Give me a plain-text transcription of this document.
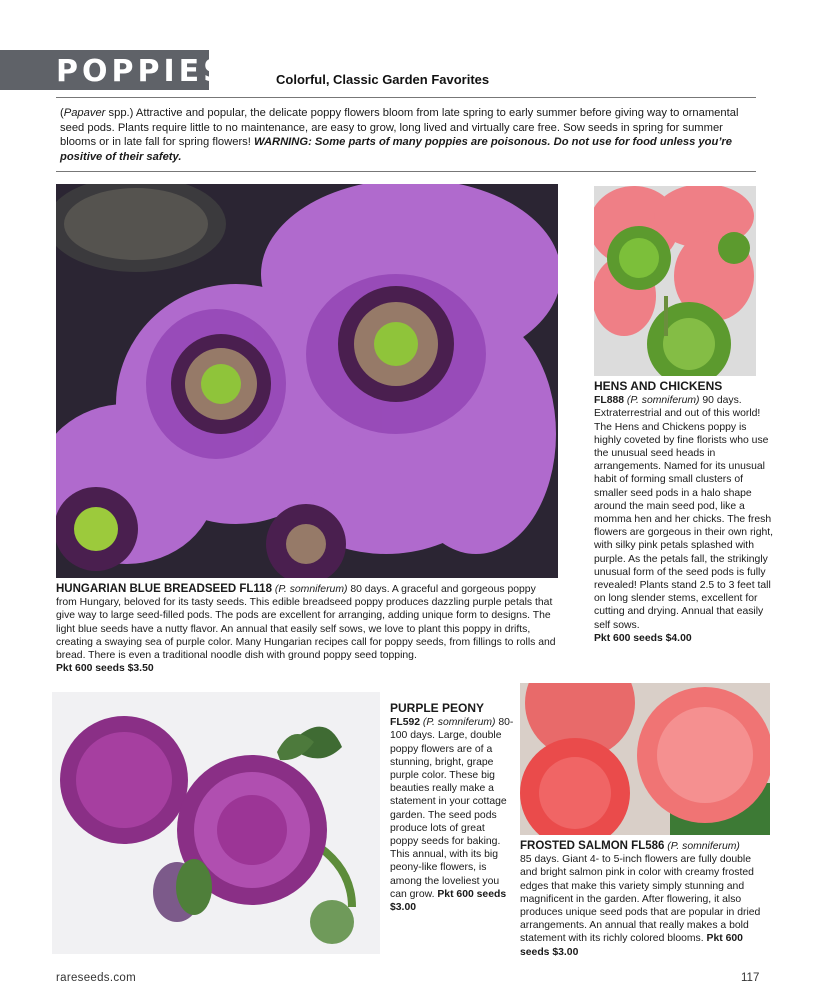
POPPIES	Colorful, Classic Garden Favorites
(Papaver spp.) Attractive and popular, the delicate poppy flowers bloom from late spring to early summer before giving way to ornamental seed pods. Plants require little to no maintenance, are easy to grow, long lived and virtually care free. Sow seeds in spring for summer blooms or in late fall for spring flowers! WARNING: Some parts of many poppies are poisonous. Do not use for food unless you’re positive of their safety.
HUNGARIAN BLUE BREADSEED FL118 (P. somniferum) 80 days. A graceful and gorgeous poppy from Hungary, beloved for its tasty seeds. This edible breadseed poppy produces dazzling purple petals that give way to large seed-filled pods. The pods are excellent for arranging, adding unique form to designs. The light blue seeds have a nutty flavor. An annual that easily self sows, we love to plant this poppy in drifts, creating a swaying sea of purple color. Many Hungarian recipes call for poppy seeds, from fillings to rolls and bread. There is even a traditional noodle dish with ground poppy seed topping.
Pkt 600 seeds $3.50
HENS AND CHICKENS
FL888 (P. somniferum) 90 days. Extraterrestrial and out of this world! The Hens and Chickens poppy is highly coveted by fine florists who use the unusual seed heads in arrangements. Named for its unusual habit of forming small clusters of smaller seed pods in a halo shape around the main seed pod, like a momma hen and her chicks. The fresh flowers are gorgeous in their own right, with silky pink petals splashed with purple. As the petals fall, the strikingly unusual form of the seed pods is fully revealed! Plants stand 2.5 to 3 feet tall on long slender stems, excellent for cutting and drying. Annual that easily self sows.
Pkt 600 seeds $4.00
PURPLE PEONY
FL592 (P. somniferum) 80-100 days. Large, double poppy flowers are of a stunning, bright, grape purple color. These big beauties really make a statement in your cottage garden. The seed pods produce lots of great poppy seeds for baking. This annual, with its big peony-like flowers, is among the loveliest you can grow. Pkt 600 seeds $3.00
FROSTED SALMON FL586 (P. somniferum)
85 days. Giant 4- to 5-inch flowers are fully double and bright salmon pink in color with creamy frosted edges that make this variety simply stunning and magnificent in the garden. After flowering, it also produces unique seed pods that are popular in dried arrangements. An annual that really makes a bold statement with its richly colored blooms. Pkt 600 seeds $3.00
rareseeds.com	117
